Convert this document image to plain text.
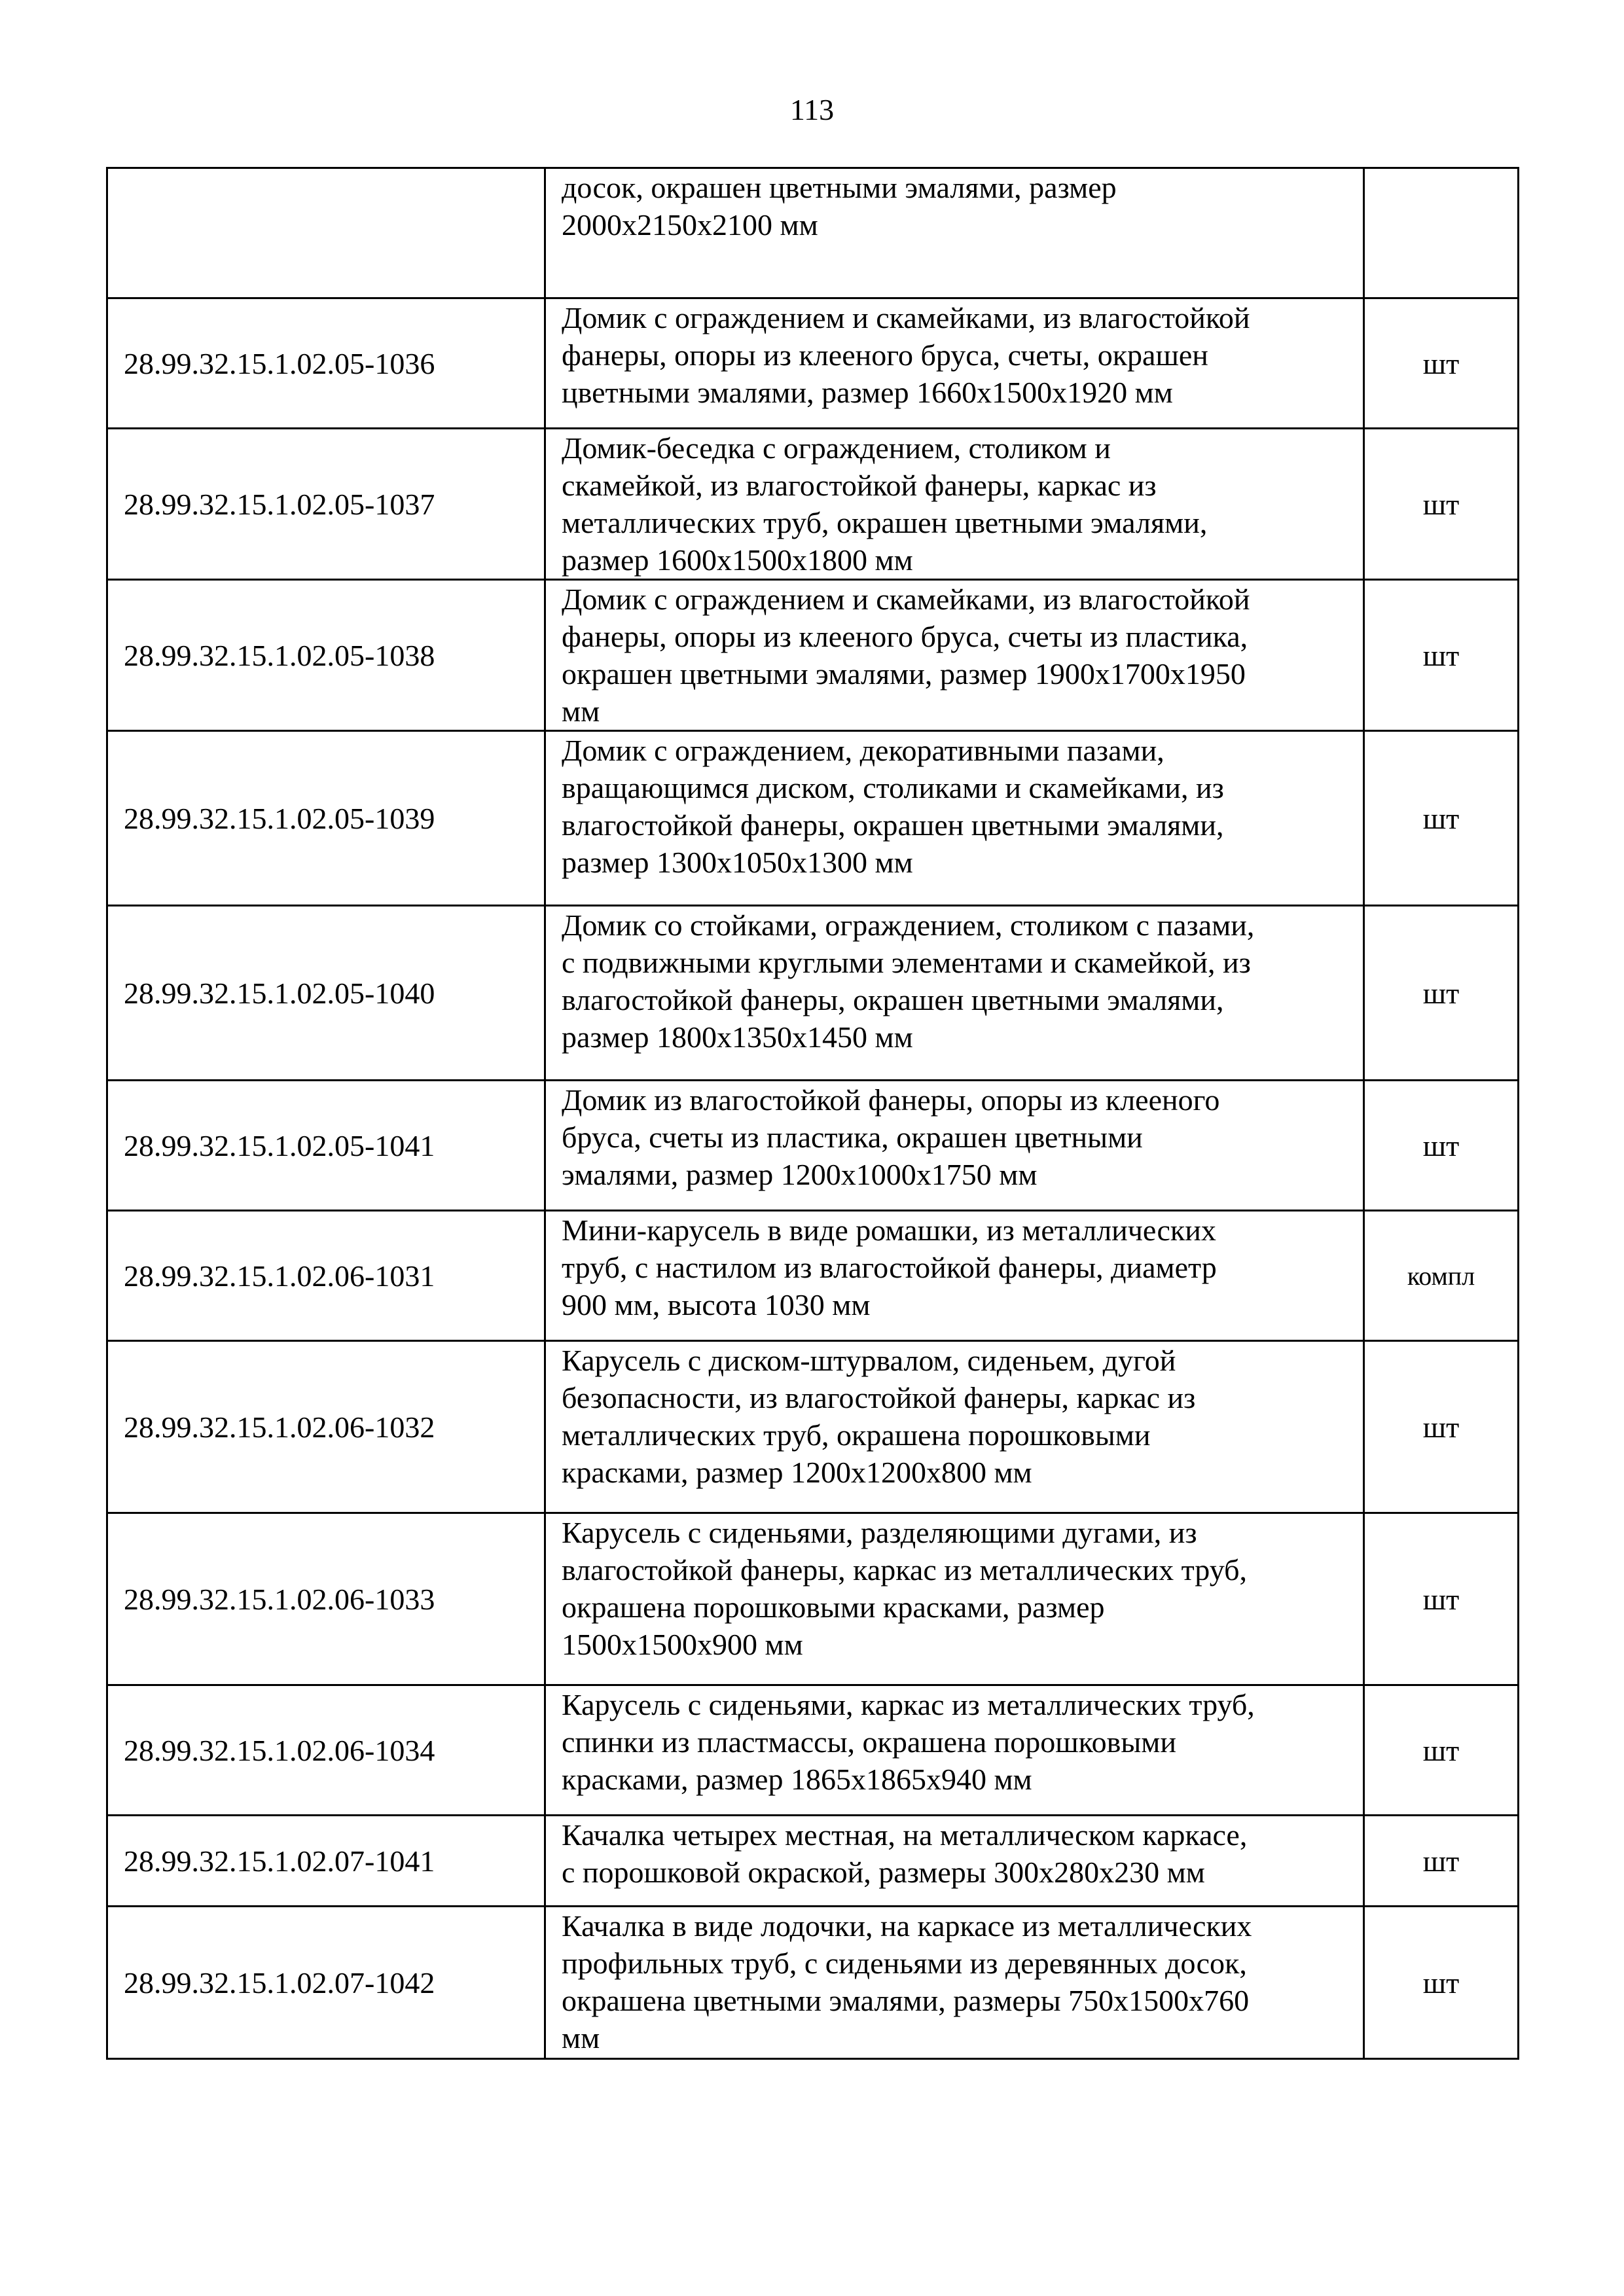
113

	досок, окрашен цветными эмалями, размер
2000х2150х2100 мм	

28.99.32.15.1.02.05-1036	Домик с ограждением и скамейками, из влагостойкой
фанеры, опоры из клееного бруса, счеты, окрашен
цветными эмалями, размер 1660х1500х1920 мм	шт

28.99.32.15.1.02.05-1037	Домик-беседка с ограждением, столиком и
скамейкой, из влагостойкой фанеры, каркас из
металлических труб, окрашен цветными эмалями,
размер 1600х1500х1800 мм	шт

28.99.32.15.1.02.05-1038	Домик с ограждением и скамейками, из влагостойкой
фанеры, опоры из клееного бруса, счеты из пластика,
окрашен цветными эмалями, размер 1900х1700х1950
мм	шт

28.99.32.15.1.02.05-1039	Домик с ограждением, декоративными пазами,
вращающимся диском, столиками и скамейками, из
влагостойкой фанеры, окрашен цветными эмалями,
размер 1300х1050х1300 мм	шт

28.99.32.15.1.02.05-1040	Домик со стойками, ограждением, столиком с пазами,
с подвижными круглыми элементами и скамейкой, из
влагостойкой фанеры, окрашен цветными эмалями,
размер 1800х1350х1450 мм	шт

28.99.32.15.1.02.05-1041	Домик из влагостойкой фанеры, опоры из клееного
бруса, счеты из пластика, окрашен цветными
эмалями, размер 1200х1000х1750 мм	шт

28.99.32.15.1.02.06-1031	Мини-карусель в виде ромашки, из металлических
труб, с настилом из влагостойкой фанеры, диаметр
900 мм, высота 1030 мм	компл

28.99.32.15.1.02.06-1032	Карусель с диском-штурвалом, сиденьем, дугой
безопасности, из влагостойкой фанеры, каркас из
металлических труб, окрашена порошковыми
красками, размер 1200х1200х800 мм	шт

28.99.32.15.1.02.06-1033	Карусель с сиденьями, разделяющими дугами, из
влагостойкой фанеры, каркас из металлических труб,
окрашена порошковыми красками, размер
1500х1500х900 мм	шт

28.99.32.15.1.02.06-1034	Карусель с сиденьями, каркас из металлических труб,
спинки из пластмассы, окрашена порошковыми
красками, размер 1865х1865х940 мм	шт

28.99.32.15.1.02.07-1041	Качалка четырех местная, на металлическом каркасе,
с порошковой окраской, размеры 300х280х230 мм	шт

28.99.32.15.1.02.07-1042	Качалка в виде лодочки, на каркасе из металлических
профильных труб, с сиденьями из деревянных досок,
окрашена цветными эмалями, размеры 750х1500х760
мм	шт
